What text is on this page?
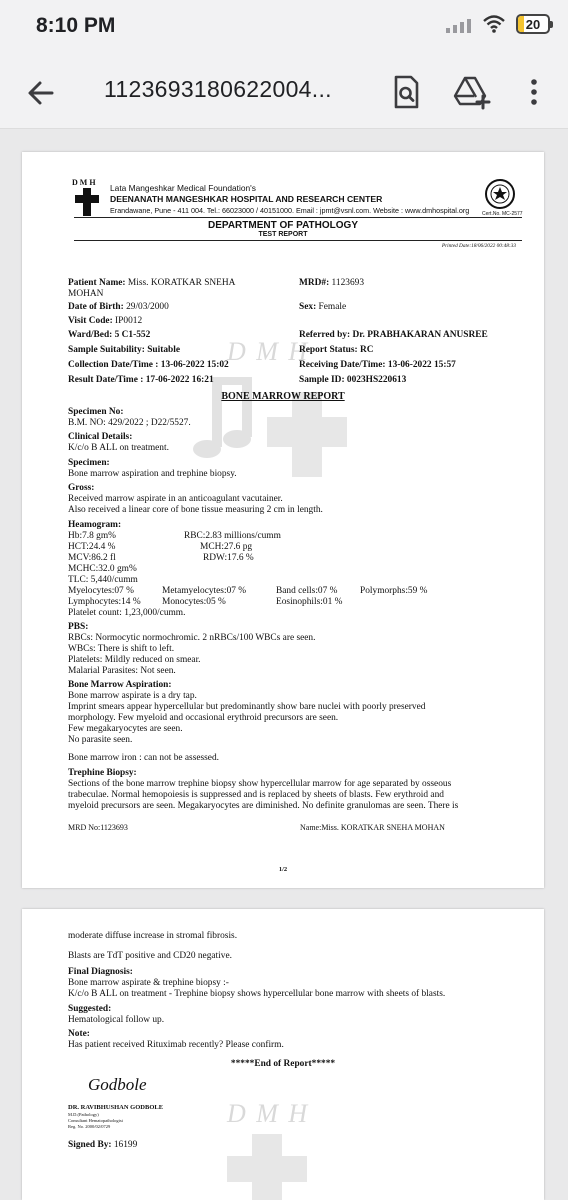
8:10 PM	20
1123693180622004...
D M H
D M H
Lata Mangeshkar Medical Foundation's
DEENANATH MANGESHKAR HOSPITAL AND RESEARCH CENTER
Erandawane, Pune - 411 004. Tel.: 66023000 / 40151000. Email : jpmt@vsnl.com. Website : www.dmhospital.org	Cert.No. MC-2577
DEPARTMENT OF PATHOLOGY
TEST REPORT
Printed Date:18/06/2022 00:48:33
Patient Name: Miss. KORATKAR SNEHA
MOHAN
MRD#: 1123693
Date of Birth: 29/03/2000	Sex: Female
Visit Code: IP0012
Ward/Bed: 5 C1-552	Referred by: Dr. PRABHAKARAN ANUSREE
Sample Suitability: Suitable	Report Status: RC
Collection Date/Time : 13-06-2022 15:02	Receiving Date/Time: 13-06-2022 15:57
Result Date/Time : 17-06-2022 16:21	Sample ID: 0023HS220613
BONE MARROW REPORT
Specimen No:
B.M. NO: 429/2022 ; D22/5527.
Clinical Details:
K/c/o B ALL on treatment.
Specimen:
Bone marrow aspiration and trephine biopsy.
Gross:
Received marrow aspirate in an anticoagulant vacutainer.
Also received a linear core of bone tissue measuring 2 cm in length.
Heamogram:
Hb:7.8 gm%	RBC:2.83 millions/cumm
HCT:24.4 %	MCH:27.6 pg
MCV:86.2 fl	RDW:17.6 %
MCHC:32.0 gm%
TLC: 5,440/cumm
Myelocytes:07 %	Metamyelocytes:07 %	Band cells:07 % Polymorphs:59 %
Lymphocytes:14 % Monocytes:05 %	Eosinophils:01 %
Platelet count: 1,23,000/cumm.
PBS:
RBCs: Normocytic normochromic. 2 nRBCs/100 WBCs are seen.
WBCs: There is shift to left.
Platelets: Mildly reduced on smear.
Malarial Parasites: Not seen.
Bone Marrow Aspiration:
Bone marrow aspirate is a dry tap.
Imprint smears appear hypercellular but predominantly show bare nuclei with poorly preserved
morphology. Few myeloid and occasional erythroid precursors are seen.
Few megakaryocytes are seen.
No parasite seen.
Bone marrow iron : can not be assessed.
Trephine Biopsy:
Sections of the bone marrow trephine biopsy show hypercellular marrow for age separated by osseous
trabeculae. Normal hemopoiesis is suppressed and is replaced by sheets of blasts. Few erythroid and
myeloid precursors are seen. Megakaryocytes are diminished. No definite granulomas are seen. There is
MRD No:1123693	Name:Miss. KORATKAR SNEHA MOHAN
1/2
D M H
moderate diffuse increase in stromal fibrosis.
Blasts are TdT positive and CD20 negative.
Final Diagnosis:
Bone marrow aspirate & trephine biopsy :-
K/c/o B ALL on treatment - Trephine biopsy shows hypercellular bone marrow with sheets of blasts.
Suggested:
Hematological follow up.
Note:
Has patient received Rituximab recently? Please confirm.
*****End of Report*****
Godbole
DR. RAVIBHUSHAN GODBOLE
M.D.(Pathology)
Consultant Hematopathologist
Reg. No. 2000/02/0729
Signed By: 16199
